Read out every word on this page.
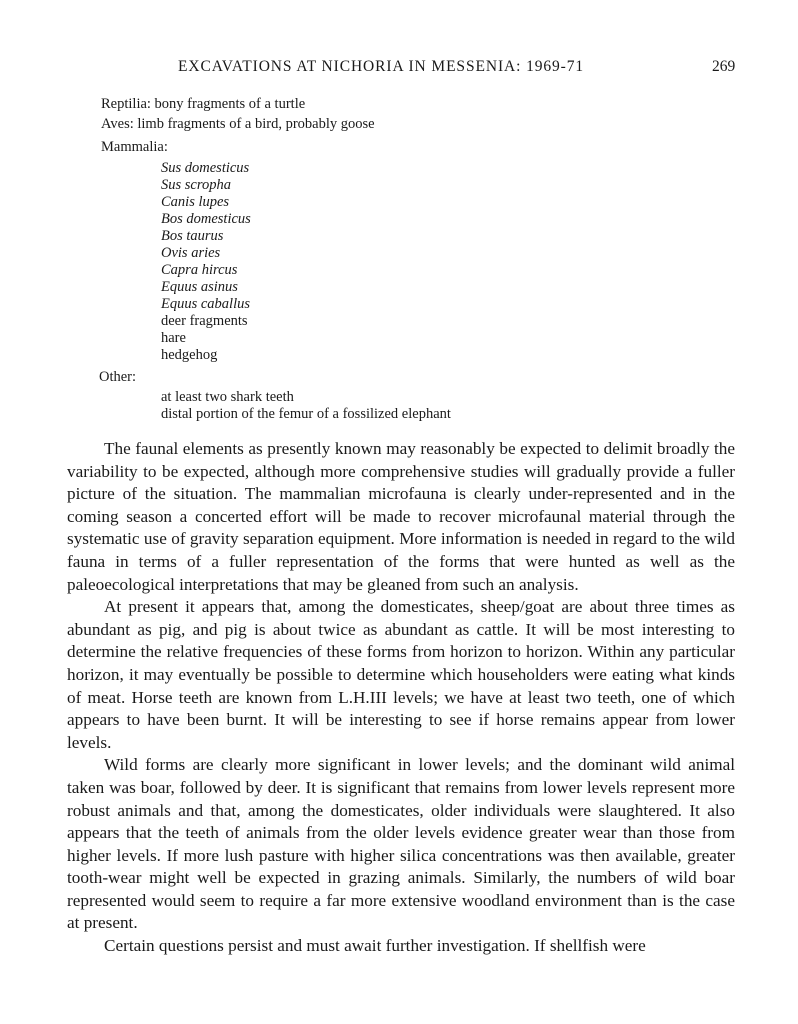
EXCAVATIONS AT NICHORIA IN MESSENIA: 1969-71	269
Reptilia: bony fragments of a turtle
Aves: limb fragments of a bird, probably goose
Mammalia:
Sus domesticus
Sus scropha
Canis lupes
Bos domesticus
Bos taurus
Ovis aries
Capra hircus
Equus asinus
Equus caballus
deer fragments
hare
hedgehog
Other:
at least two shark teeth
distal portion of the femur of a fossilized elephant

The faunal elements as presently known may reasonably be expected to delimit broadly the variability to be expected, although more comprehensive studies will gradually provide a fuller picture of the situation. The mammalian microfauna is clearly under-represented and in the coming season a concerted effort will be made to recover microfaunal material through the systematic use of gravity separation equipment. More information is needed in regard to the wild fauna in terms of a fuller representation of the forms that were hunted as well as the paleoecological interpretations that may be gleaned from such an analysis.

At present it appears that, among the domesticates, sheep/goat are about three times as abundant as pig, and pig is about twice as abundant as cattle. It will be most interesting to determine the relative frequencies of these forms from horizon to horizon. Within any particular horizon, it may eventually be possible to determine which householders were eating what kinds of meat. Horse teeth are known from L.H.III levels; we have at least two teeth, one of which appears to have been burnt. It will be interesting to see if horse remains appear from lower levels.

Wild forms are clearly more significant in lower levels; and the dominant wild animal taken was boar, followed by deer. It is significant that remains from lower levels represent more robust animals and that, among the domesticates, older individuals were slaughtered. It also appears that the teeth of animals from the older levels evidence greater wear than those from higher levels. If more lush pasture with higher silica concentrations was then available, greater tooth-wear might well be expected in grazing animals. Similarly, the numbers of wild boar represented would seem to require a far more extensive woodland environment than is the case at present.

Certain questions persist and must await further investigation. If shellfish were
